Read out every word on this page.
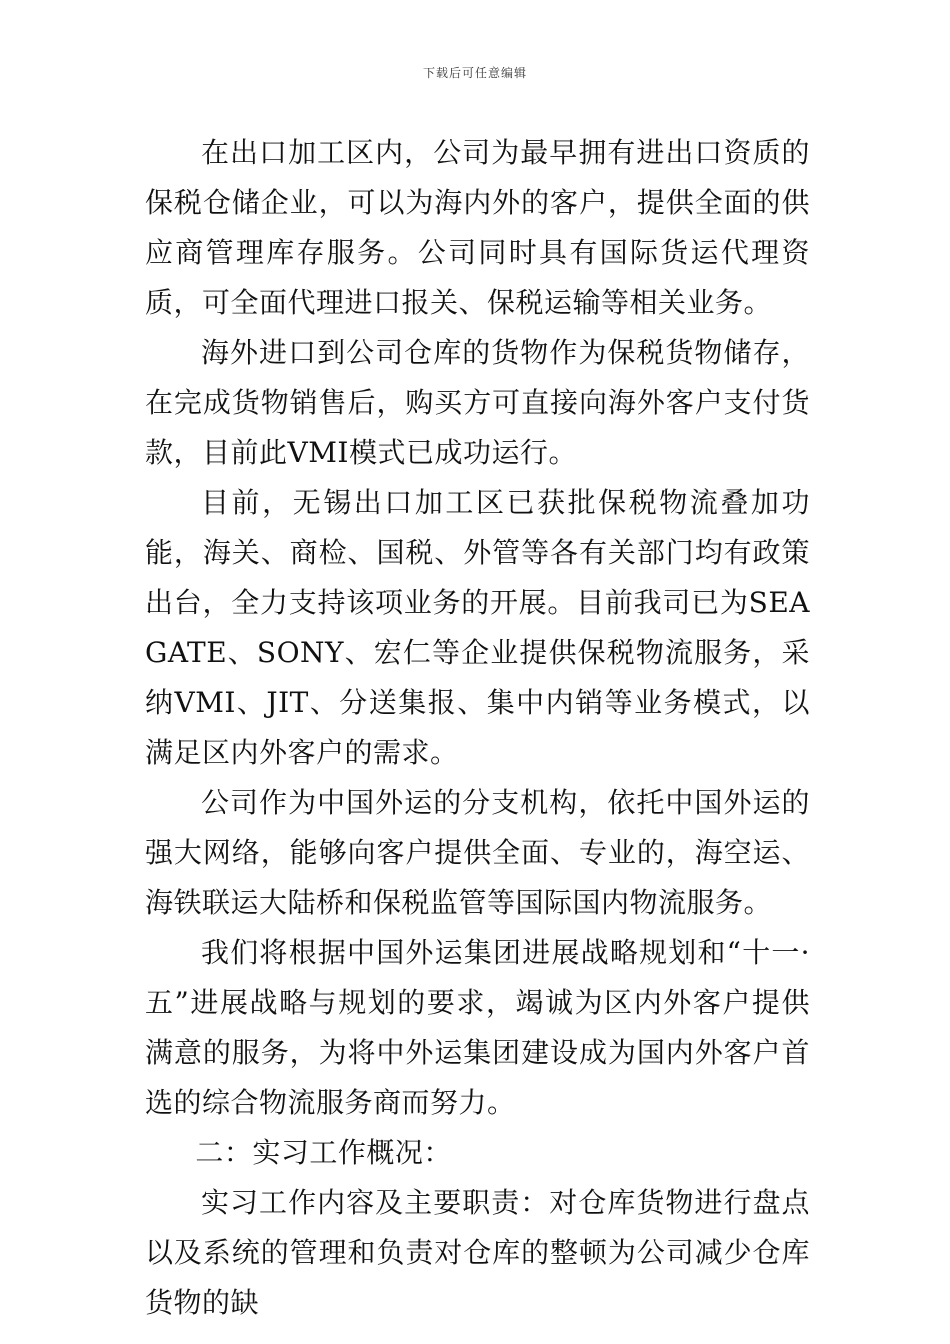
下载后可任意编辑

在出口加工区内，公司为最早拥有进出口资质的保税仓储企业，可以为海内外的客户，提供全面的供应商管理库存服务。公司同时具有国际货运代理资质，可全面代理进口报关、保税运输等相关业务。

海外进口到公司仓库的货物作为保税货物储存，在完成货物销售后，购买方可直接向海外客户支付货款，目前此VMI模式已成功运行。

目前，无锡出口加工区已获批保税物流叠加功能，海关、商检、国税、外管等各有关部门均有政策出台，全力支持该项业务的开展。目前我司已为SEAGATE、SONY、宏仁等企业提供保税物流服务，采纳VMI、JIT、分送集报、集中内销等业务模式，以满足区内外客户的需求。

公司作为中国外运的分支机构，依托中国外运的强大网络，能够向客户提供全面、专业的，海空运、海铁联运大陆桥和保税监管等国际国内物流服务。

我们将根据中国外运集团进展战略规划和“十一·五”进展战略与规划的要求，竭诚为区内外客户提供满意的服务，为将中外运集团建设成为国内外客户首选的综合物流服务商而努力。

二：实习工作概况：

实习工作内容及主要职责：对仓库货物进行盘点以及系统的管理和负责对仓库的整顿为公司减少仓库货物的缺
